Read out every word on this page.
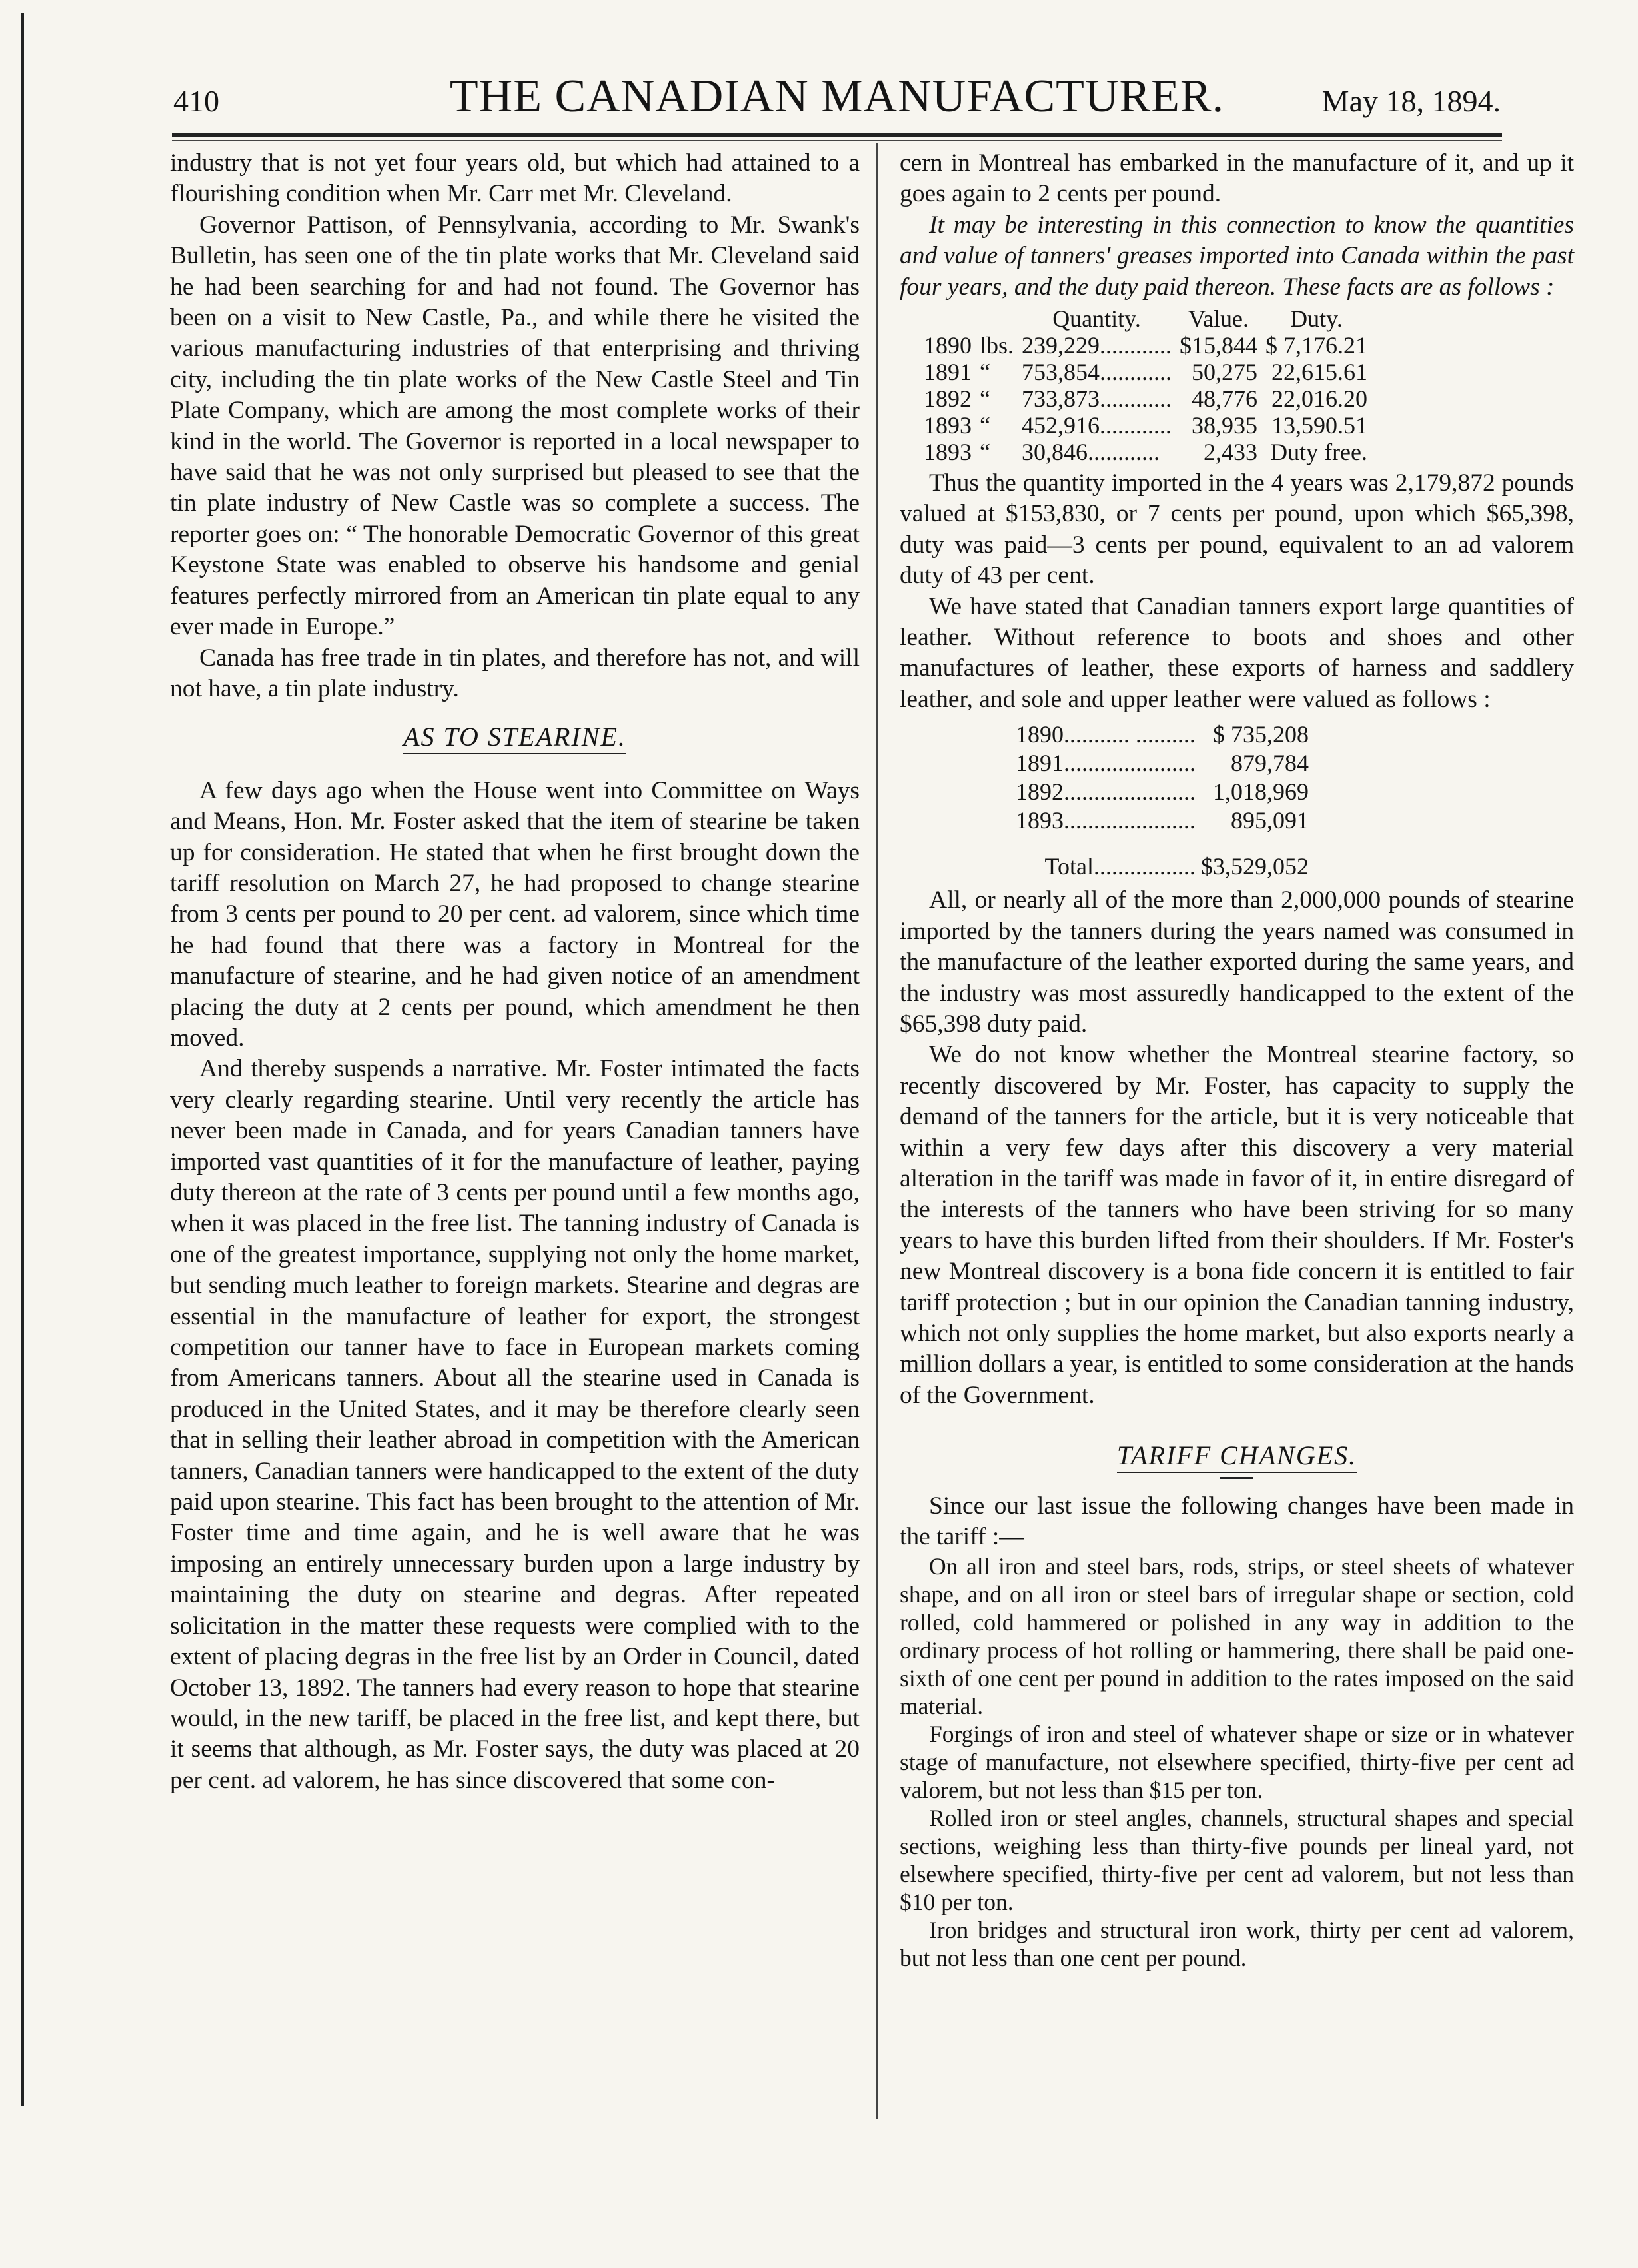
410	THE CANADIAN MANUFACTURER.	May 18, 1894.

industry that is not yet four years old, but which had attained to a flourishing condition when Mr. Carr met Mr. Cleveland.

Governor Pattison, of Pennsylvania, according to Mr. Swank's Bulletin, has seen one of the tin plate works that Mr. Cleveland said he had been searching for and had not found. The Governor has been on a visit to New Castle, Pa., and while there he visited the various manufacturing industries of that enterprising and thriving city, including the tin plate works of the New Castle Steel and Tin Plate Company, which are among the most complete works of their kind in the world. The Governor is reported in a local newspaper to have said that he was not only surprised but pleased to see that the tin plate industry of New Castle was so complete a success. The reporter goes on: “ The honorable Democratic Governor of this great Keystone State was enabled to observe his handsome and genial features perfectly mirrored from an American tin plate equal to any ever made in Europe.”

Canada has free trade in tin plates, and therefore has not, and will not have, a tin plate industry.

AS TO STEARINE.

A few days ago when the House went into Committee on Ways and Means, Hon. Mr. Foster asked that the item of stearine be taken up for consideration. He stated that when he first brought down the tariff resolution on March 27, he had proposed to change stearine from 3 cents per pound to 20 per cent. ad valorem, since which time he had found that there was a factory in Montreal for the manufacture of stearine, and he had given notice of an amendment placing the duty at 2 cents per pound, which amendment he then moved.

And thereby suspends a narrative. Mr. Foster intimated the facts very clearly regarding stearine. Until very recently the article has never been made in Canada, and for years Canadian tanners have imported vast quantities of it for the manufacture of leather, paying duty thereon at the rate of 3 cents per pound until a few months ago, when it was placed in the free list. The tanning industry of Canada is one of the greatest importance, supplying not only the home market, but sending much leather to foreign markets. Stearine and degras are essential in the manufacture of leather for export, the strongest competition our tanner have to face in European markets coming from Americans tanners. About all the stearine used in Canada is produced in the United States, and it may be therefore clearly seen that in selling their leather abroad in competition with the American tanners, Canadian tanners were handicapped to the extent of the duty paid upon stearine. This fact has been brought to the attention of Mr. Foster time and time again, and he is well aware that he was imposing an entirely unnecessary burden upon a large industry by maintaining the duty on stearine and degras. After repeated solicitation in the matter these requests were complied with to the extent of placing degras in the free list by an Order in Council, dated October 13, 1892. The tanners had every reason to hope that stearine would, in the new tariff, be placed in the free list, and kept there, but it seems that although, as Mr. Foster says, the duty was placed at 20 per cent. ad valorem, he has since discovered that some con-

cern in Montreal has embarked in the manufacture of it, and up it goes again to 2 cents per pound.

It may be interesting in this connection to know the quantities and value of tanners' greases imported into Canada within the past four years, and the duty paid thereon. These facts are as follows :

		Quantity.	Value.	Duty.
1890	lbs.	239,229............	$15,844	$ 7,176.21
1891	“	753,854............	50,275	22,615.61
1892	“	733,873............	48,776	22,016.20
1893	“	452,916............	38,935	13,590.51
1893	“	30,846............	2,433	Duty free.

Thus the quantity imported in the 4 years was 2,179,872 pounds valued at $153,830, or 7 cents per pound, upon which $65,398, duty was paid—3 cents per pound, equivalent to an ad valorem duty of 43 per cent.

We have stated that Canadian tanners export large quantities of leather. Without reference to boots and shoes and other manufactures of leather, these exports of harness and saddlery leather, and sole and upper leather were valued as follows :

1890........... ..........	$ 735,208
1891......................	879,784
1892......................	1,018,969
1893......................	895,091
Total.................	$3,529,052

All, or nearly all of the more than 2,000,000 pounds of stearine imported by the tanners during the years named was consumed in the manufacture of the leather exported during the same years, and the industry was most assuredly handicapped to the extent of the $65,398 duty paid.

We do not know whether the Montreal stearine factory, so recently discovered by Mr. Foster, has capacity to supply the demand of the tanners for the article, but it is very noticeable that within a very few days after this discovery a very material alteration in the tariff was made in favor of it, in entire disregard of the interests of the tanners who have been striving for so many years to have this burden lifted from their shoulders. If Mr. Foster's new Montreal discovery is a bona fide concern it is entitled to fair tariff protection ; but in our opinion the Canadian tanning industry, which not only supplies the home market, but also exports nearly a million dollars a year, is entitled to some consideration at the hands of the Government.

TARIFF CHANGES.

Since our last issue the following changes have been made in the tariff :—

On all iron and steel bars, rods, strips, or steel sheets of whatever shape, and on all iron or steel bars of irregular shape or section, cold rolled, cold hammered or polished in any way in addition to the ordinary process of hot rolling or hammering, there shall be paid one-sixth of one cent per pound in addition to the rates imposed on the said material.

Forgings of iron and steel of whatever shape or size or in whatever stage of manufacture, not elsewhere specified, thirty-five per cent ad valorem, but not less than $15 per ton.

Rolled iron or steel angles, channels, structural shapes and special sections, weighing less than thirty-five pounds per lineal yard, not elsewhere specified, thirty-five per cent ad valorem, but not less than $10 per ton.

Iron bridges and structural iron work, thirty per cent ad valorem, but not less than one cent per pound.
